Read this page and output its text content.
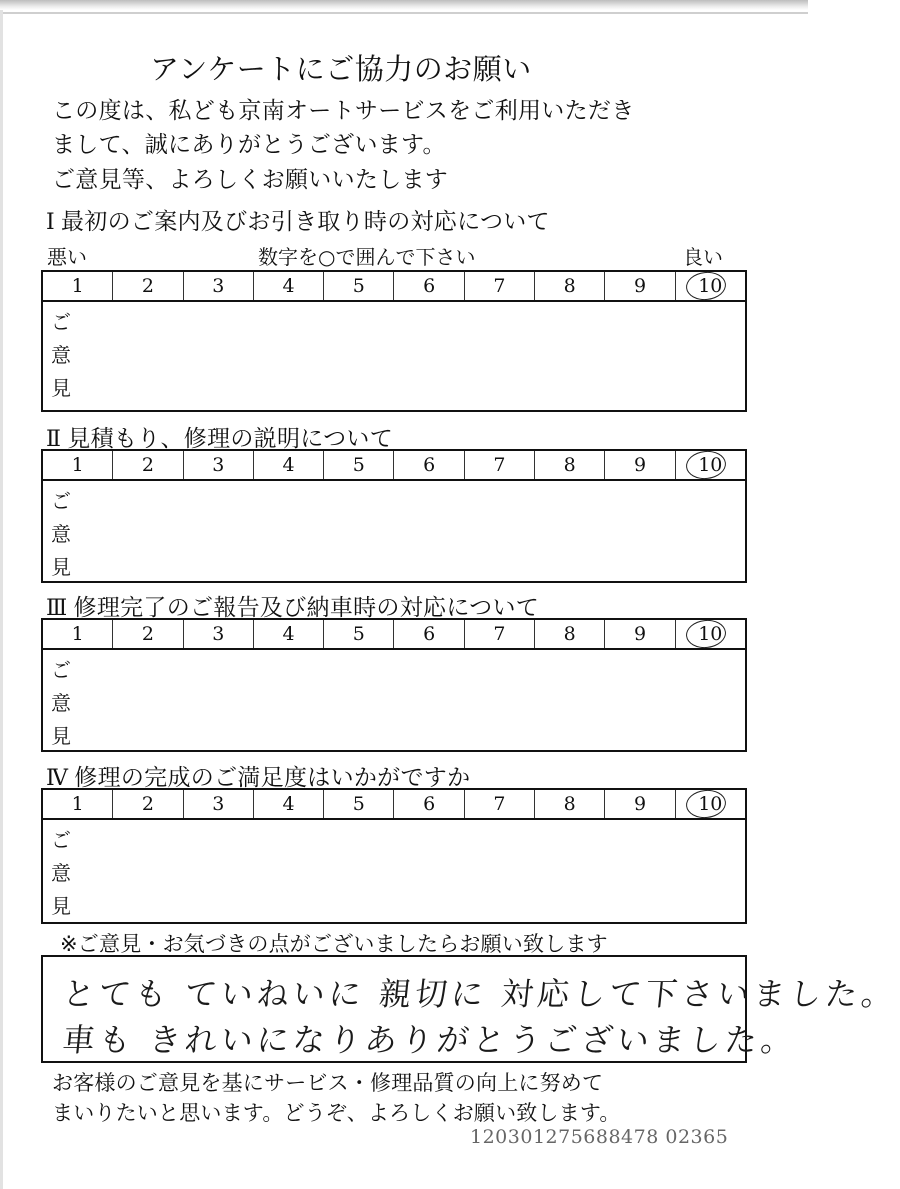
アンケートにご協力のお願い
この度は、私ども京南オートサービスをご利用いただき
まして、誠にありがとうございます。
ご意見等、よろしくお願いいたします
Ⅰ 最初のご案内及びお引き取り時の対応について
悪い	数字を○で囲んで下さい	良い
1	2	3	4	5	6	7	8	9	10
ご
意
見
Ⅱ 見積もり、修理の説明について
1	2	3	4	5	6	7	8	9	10
ご
意
見
Ⅲ 修理完了のご報告及び納車時の対応について
1	2	3	4	5	6	7	8	9	10
ご
意
見
Ⅳ 修理の完成のご満足度はいかがですか
1	2	3	4	5	6	7	8	9	10
ご
意
見
※ご意見・お気づきの点がございましたらお願い致します
とても ていねいに 親切に 対応して下さいました。
車も きれいになりありがとうございました。
お客様のご意見を基にサービス・修理品質の向上に努めて
まいりたいと思います。どうぞ、よろしくお願い致します。
120301275688478 02365
